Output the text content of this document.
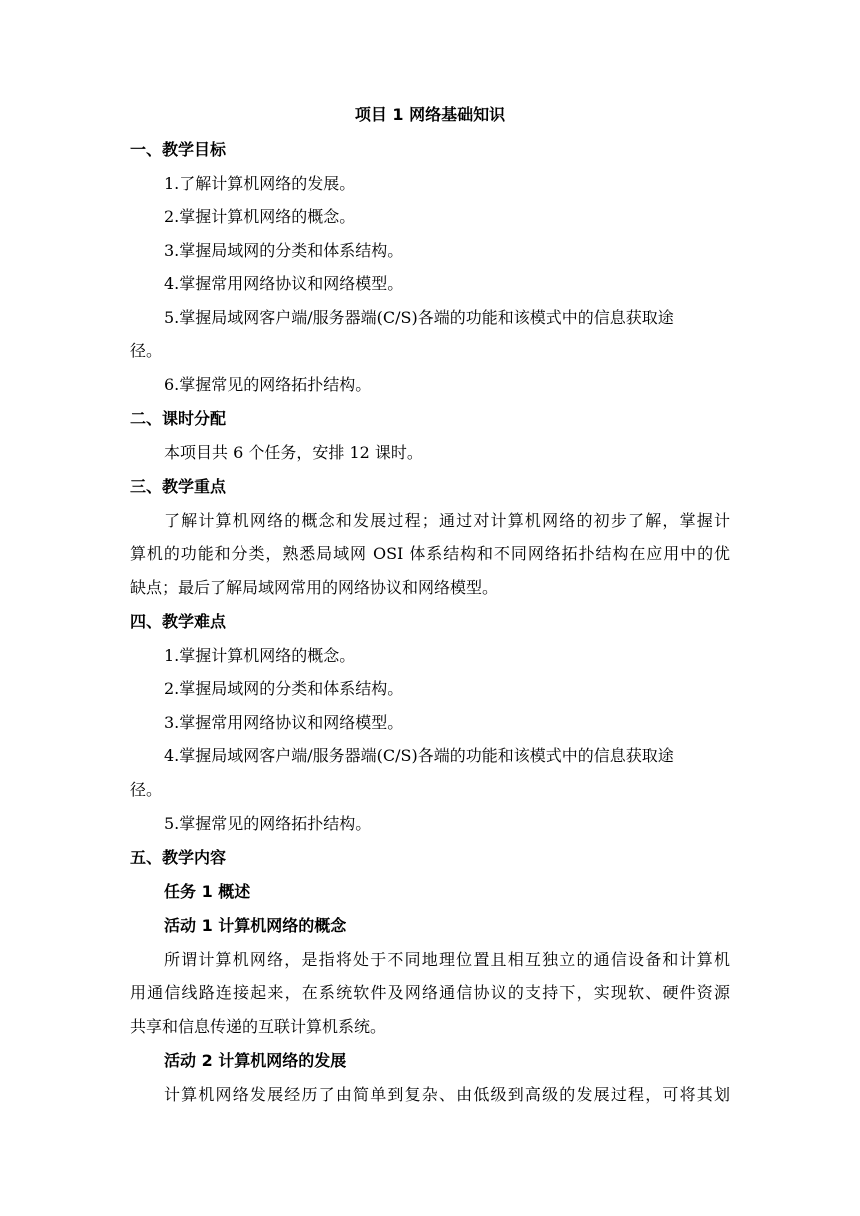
项目 1 网络基础知识
一、教学目标
1.了解计算机网络的发展。
2.掌握计算机网络的概念。
3.掌握局域网的分类和体系结构。
4.掌握常用网络协议和网络模型。
5.掌握局域网客户端/服务器端(C/S)各端的功能和该模式中的信息获取途
径。
6.掌握常见的网络拓扑结构。
二、课时分配
本项目共 6 个任务，安排 12 课时。
三、教学重点
了解计算机网络的概念和发展过程；通过对计算机网络的初步了解，掌握计
算机的功能和分类，熟悉局域网 OSI 体系结构和不同网络拓扑结构在应用中的优
缺点；最后了解局域网常用的网络协议和网络模型。
四、教学难点
1.掌握计算机网络的概念。
2.掌握局域网的分类和体系结构。
3.掌握常用网络协议和网络模型。
4.掌握局域网客户端/服务器端(C/S)各端的功能和该模式中的信息获取途
径。
5.掌握常见的网络拓扑结构。
五、教学内容
任务 1 概述
活动 1 计算机网络的概念
所谓计算机网络，是指将处于不同地理位置且相互独立的通信设备和计算机
用通信线路连接起来，在系统软件及网络通信协议的支持下，实现软、硬件资源
共享和信息传递的互联计算机系统。
活动 2 计算机网络的发展
计算机网络发展经历了由简单到复杂、由低级到高级的发展过程，可将其划
